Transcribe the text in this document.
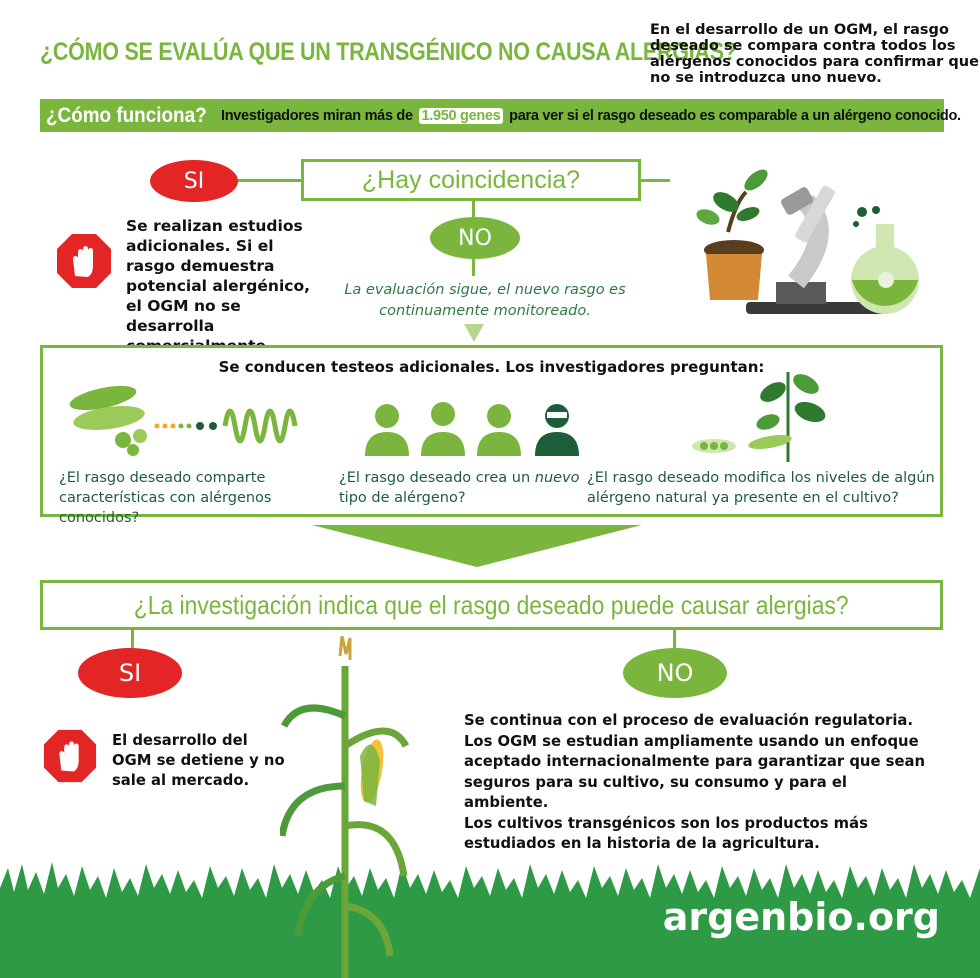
¿CÓMO SE EVALÚA QUE UN TRANSGÉNICO NO CAUSA ALERGIAS?
En el desarrollo de un OGM, el rasgo deseado se compara contra todos los alérgenos conocidos para confirmar que no se introduzca uno nuevo.
¿Cómo funciona? Investigadores miran más de 1.950 genes para ver si el rasgo deseado es comparable a un alérgeno conocido.
SI	¿Hay coincidencia?
NO
Se realizan estudios adicionales. Si el rasgo demuestra potencial alergénico, el OGM no se desarrolla
La evaluación sigue, el nuevo rasgo es continuamente monitoreado.
Se conducen testeos adicionales. Los investigadores preguntan:
¿El rasgo deseado comparte características con alérgenos conocidos?
¿El rasgo deseado crea un nuevo tipo de alérgeno?
¿El rasgo deseado modifica los niveles de algún alérgeno natural ya presente en el cultivo?
¿La investigación indica que el rasgo deseado puede causar alergias?
SI	NO
El desarrollo del OGM se detiene y no sale al mercado.
Se continua con el proceso de evaluación regulatoria. Los OGM se estudian ampliamente usando un enfoque aceptado internacionalmente para garantizar que sean seguros para su cultivo, su consumo y para el ambiente.
Los cultivos transgénicos son los productos más estudiados en la historia de la agricultura.
argenbio.org
